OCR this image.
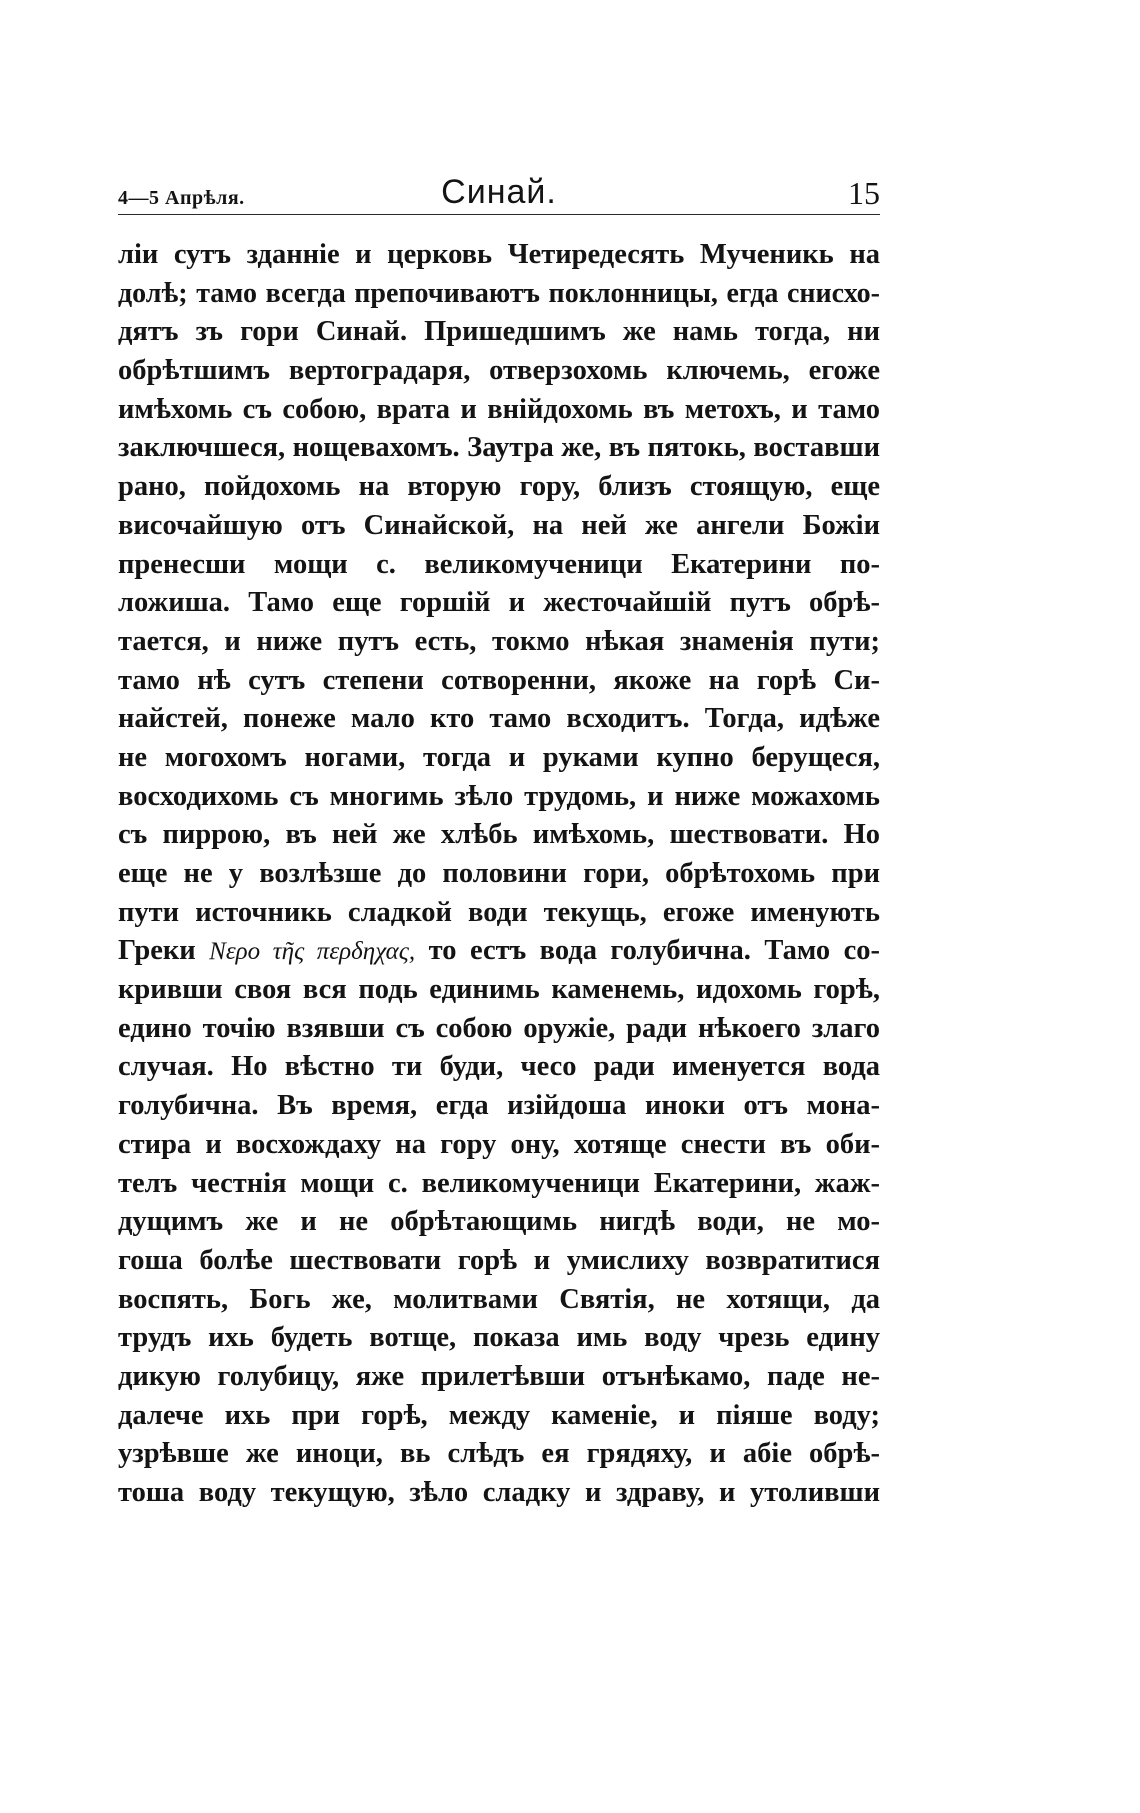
4—5 Апрѣля.	Синай.	15
ліи сутъ зданніе и церковь Четиредесять Мученикь на
долѣ; тамо всегда препочиваютъ поклонницы, егда снисхо-
дятъ зъ гори Синай. Пришедшимъ же намь тогда, ни
обрѣтшимъ вертоградаря, отверзохомь ключемь, егоже
имѣхомь съ собою, врата и внійдохомь въ метохъ, и тамо
заключшеся, нощевахомъ. Заутра же, въ пятокь, воставши
рано, пойдохомь на вторую гору, близъ стоящую, еще
височайшую отъ Синайской, на ней же ангели Божіи
пренесши мощи с. великомученици Екатерини по-
ложиша. Тамо еще горшій и жесточайшій путъ обрѣ-
тается, и ниже путъ есть, токмо нѣкая знаменія пути;
тамо нѣ сутъ степени сотворенни, якоже на горѣ Си-
найстей, понеже мало кто тамо всходитъ. Тогда, идѣже
не могохомъ ногами, тогда и руками купно берущеся,
восходихомь съ многимь зѣло трудомь, и ниже можахомь
съ пиррою, въ ней же хлѣбь имѣхомь, шествовати. Но
еще не у возлѣзше до половини гори, обрѣтохомь при
пути источникь сладкой води текущь, егоже именують
Греки Νερο τῆς περδηχας, то естъ вода голубична. Тамо со-
кривши своя вся подь единимь каменемь, идохомь горѣ,
едино точію взявши съ собою оружіе, ради нѣкоего злаго
случая. Но вѣстно ти буди, чесо ради именуется вода
голубична. Въ время, егда изійдоша иноки отъ мона-
стира и восхождаху на гору ону, хотяще снести въ оби-
телъ честнія мощи с. великомученици Екатерини, жаж-
дущимъ же и не обрѣтающимь нигдѣ води, не мо-
гоша болѣе шествовати горѣ и умислиху возвратитися
воспять, Богь же, молитвами Святія, не хотящи, да
трудъ ихь будеть вотще, показа имь воду чрезь едину
дикую голубицу, яже прилетѣвши отънѣкамо, паде не-
далече ихь при горѣ, между каменіе, и піяше воду;
узрѣвше же иноци, вь слѣдъ ея грядяху, и абіе обрѣ-
тоша воду текущую, зѣло сладку и здраву, и утоливши
